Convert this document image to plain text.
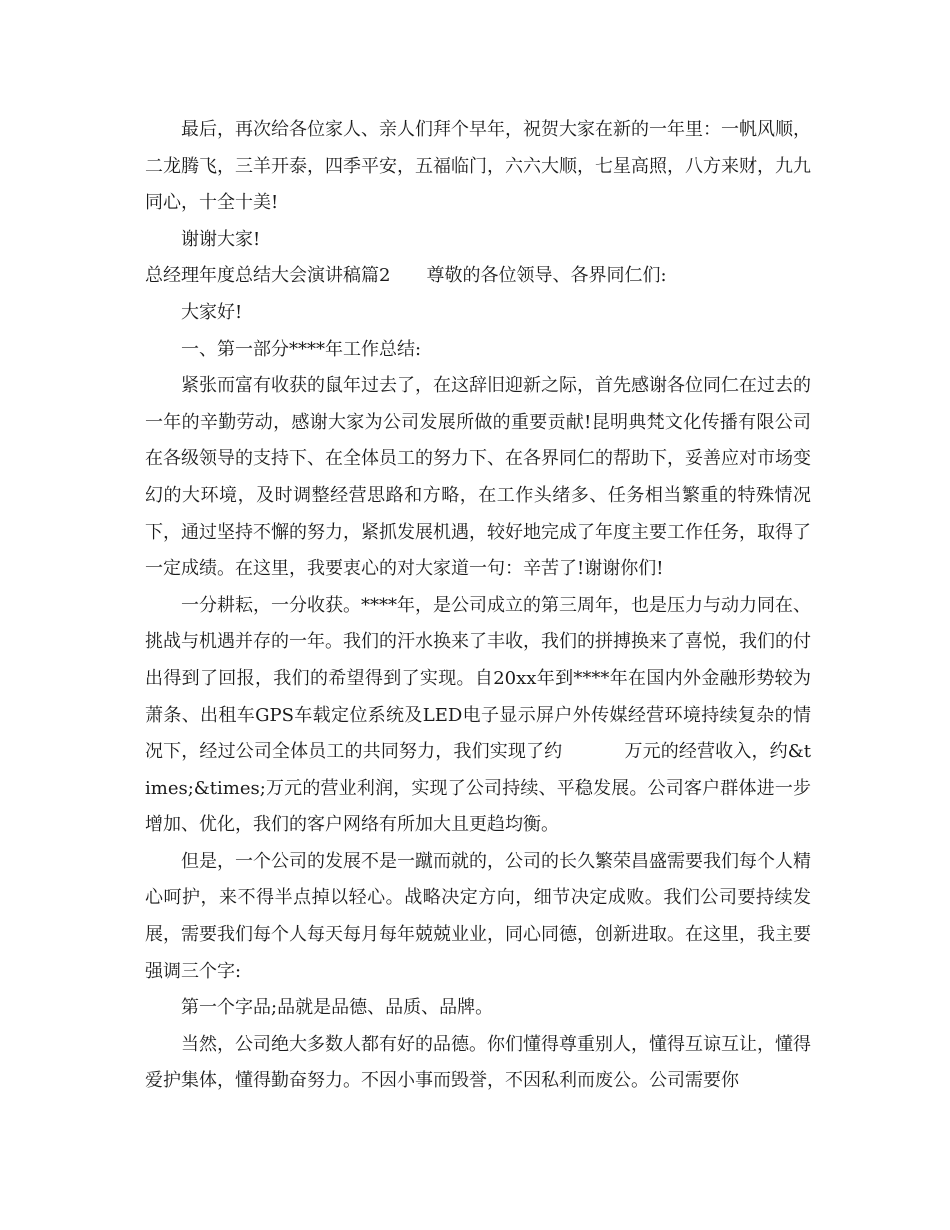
最后，再次给各位家人、亲人们拜个早年，祝贺大家在新的一年里：一帆风顺，二龙腾飞，三羊开泰，四季平安，五福临门，六六大顺，七星高照，八方来财，九九同心，十全十美!

谢谢大家!

总经理年度总结大会演讲稿篇2 尊敬的各位领导、各界同仁们:

大家好!

一、第一部分****年工作总结:

紧张而富有收获的鼠年过去了，在这辞旧迎新之际，首先感谢各位同仁在过去的一年的辛勤劳动，感谢大家为公司发展所做的重要贡献!昆明典梵文化传播有限公司在各级领导的支持下、在全体员工的努力下、在各界同仁的帮助下，妥善应对市场变幻的大环境，及时调整经营思路和方略，在工作头绪多、任务相当繁重的特殊情况下，通过坚持不懈的努力，紧抓发展机遇，较好地完成了年度主要工作任务，取得了一定成绩。在这里，我要衷心的对大家道一句：辛苦了!谢谢你们!

一分耕耘，一分收获。****年，是公司成立的第三周年，也是压力与动力同在、挑战与机遇并存的一年。我们的汗水换来了丰收，我们的拼搏换来了喜悦，我们的付出得到了回报，我们的希望得到了实现。自20xx年到****年在国内外金融形势较为萧条、出租车GPS车载定位系统及LED电子显示屏户外传媒经营环境持续复杂的情况下，经过公司全体员工的共同努力，我们实现了约	万元的经营收入，约&times;&times;万元的营业利润，实现了公司持续、平稳发展。公司客户群体进一步增加、优化，我们的客户网络有所加大且更趋均衡。

但是，一个公司的发展不是一蹴而就的，公司的长久繁荣昌盛需要我们每个人精心呵护，来不得半点掉以轻心。战略决定方向，细节决定成败。我们公司要持续发展，需要我们每个人每天每月每年兢兢业业，同心同德，创新进取。在这里，我主要强调三个字:

第一个字品;品就是品德、品质、品牌。

当然，公司绝大多数人都有好的品德。你们懂得尊重别人，懂得互谅互让，懂得爱护集体，懂得勤奋努力。不因小事而毁誉，不因私利而废公。公司需要你
